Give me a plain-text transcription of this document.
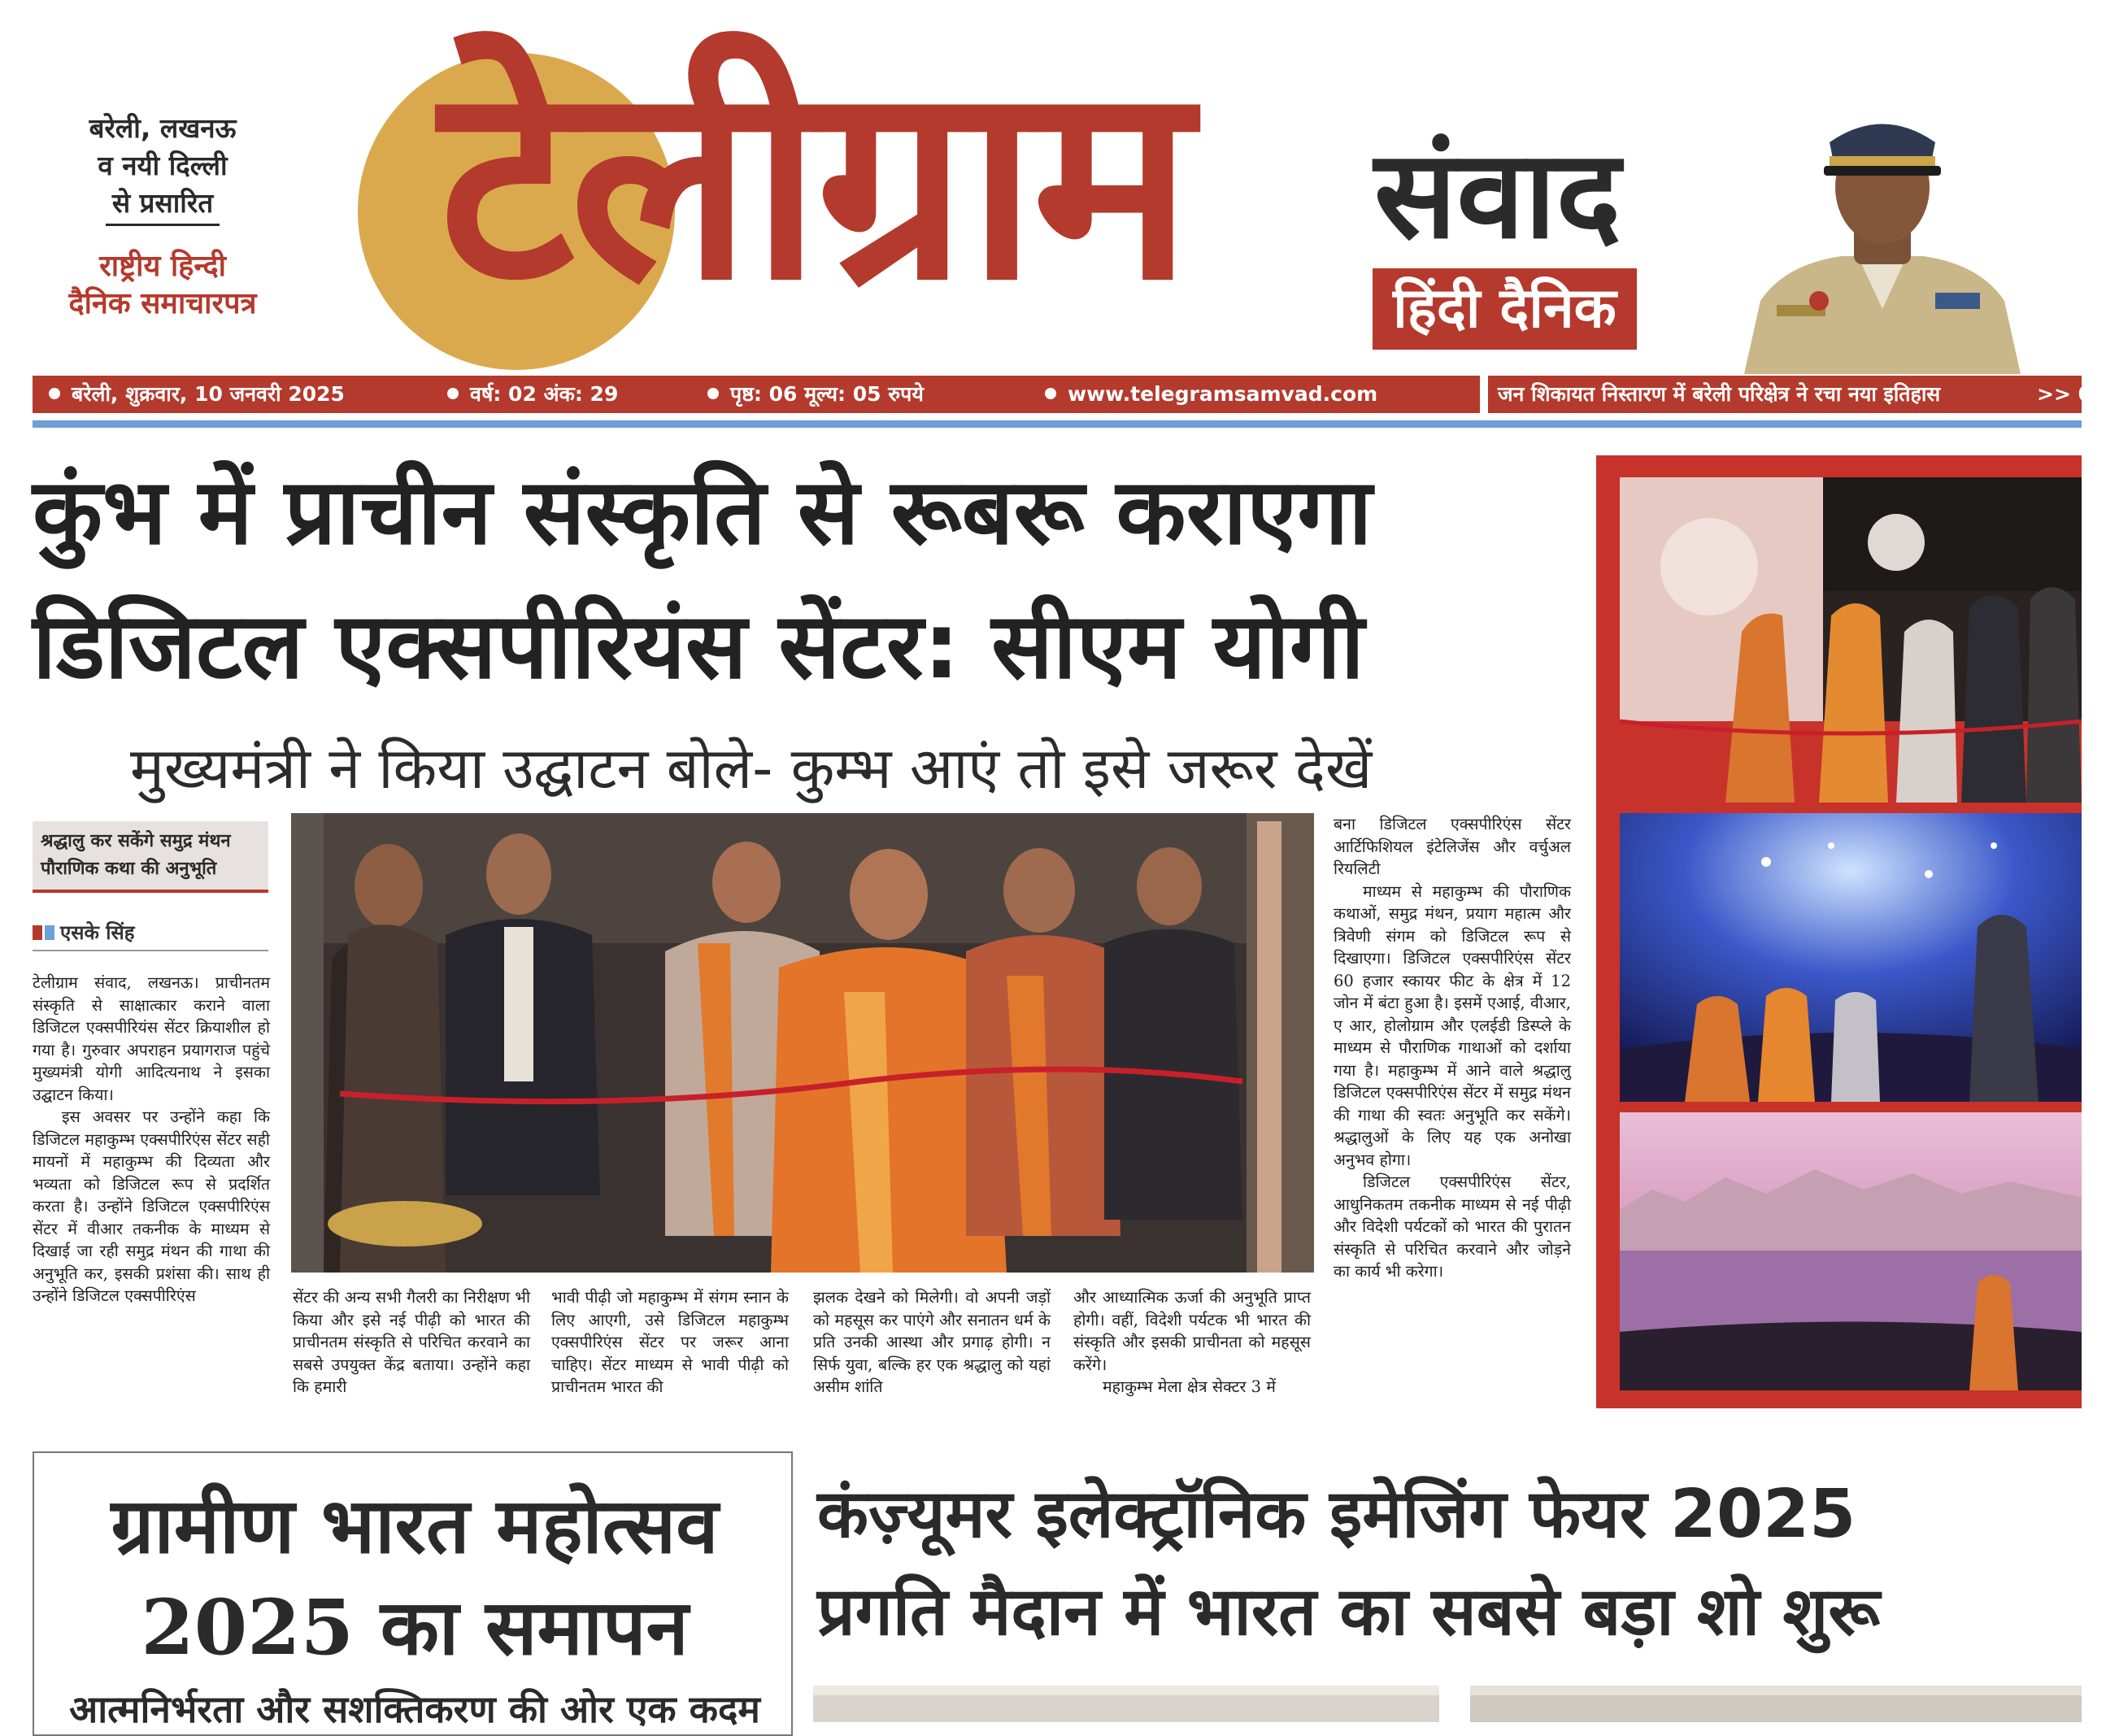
टेलीग्राम संवाद
हिंदी दैनिक
बरेली, लखनऊ
व नयी दिल्ली
से प्रसारित
राष्ट्रीय हिन्दी
दैनिक समाचारपत्र
बरेली, शुक्रवार, 10 जनवरी 2025	वर्ष: 02 अंक: 29	पृष्ठ: 06 मूल्य: 05 रुपये	www.telegramsamvad.com	जन शिकायत निस्तारण में बरेली परिक्षेत्र ने रचा नया इतिहास	>> 04
कुंभ में प्राचीन संस्कृति से रूबरू कराएगा
डिजिटल एक्सपीरियंस सेंटर: सीएम योगी
मुख्यमंत्री ने किया उद्घाटन बोले- कुम्भ आएं तो इसे जरूर देखें
श्रद्धालु कर सकेंगे समुद्र मंथन
पौराणिक कथा की अनुभूति
एसके सिंह

टेलीग्राम संवाद, लखनऊ। प्राचीनतम संस्कृति से साक्षात्कार कराने वाला डिजिटल एक्सपीरियंस सेंटर क्रियाशील हो गया है। गुरुवार अपराहन प्रयागराज पहुंचे मुख्यमंत्री योगी आदित्यनाथ ने इसका उद्घाटन किया।

इस अवसर पर उन्होंने कहा कि डिजिटल महाकुम्भ एक्सपीरिएंस सेंटर सही मायनों में महाकुम्भ की दिव्यता और भव्यता को डिजिटल रूप से प्रदर्शित करता है। उन्होंने डिजिटल एक्सपीरिएंस सेंटर में वीआर तकनीक के माध्यम से दिखाई जा रही समुद्र मंथन की गाथा की अनुभूति कर, इसकी प्रशंसा की। साथ ही उन्होंने डिजिटल एक्सपीरिएंस	सेंटर की अन्य सभी गैलरी का निरीक्षण भी किया और इसे नई पीढ़ी को भारत की प्राचीनतम संस्कृति से परिचित करवाने का सबसे उपयुक्त केंद्र बताया। उन्होंने कहा कि हमारी

भावी पीढ़ी जो महाकुम्भ में संगम स्नान के लिए आएगी, उसे डिजिटल महाकुम्भ एक्सपीरिएंस सेंटर पर जरूर आना चाहिए। सेंटर माध्यम से भावी पीढ़ी को प्राचीनतम भारत की

झलक देखने को मिलेगी। वो अपनी जड़ों को महसूस कर पाएंगे और सनातन धर्म के प्रति उनकी आस्था और प्रगाढ़ होगी। न सिर्फ युवा, बल्कि हर एक श्रद्धालु को यहां असीम शांति

और आध्यात्मिक ऊर्जा की अनुभूति प्राप्त होगी। वहीं, विदेशी पर्यटक भी भारत की संस्कृति और इसकी प्राचीनता को महसूस करेंगे।

महाकुम्भ मेला क्षेत्र सेक्टर 3 में

बना डिजिटल एक्सपीरिएंस सेंटर आर्टिफिशियल इंटेलिजेंस और वर्चुअल रियलिटी

माध्यम से महाकुम्भ की पौराणिक कथाओं, समुद्र मंथन, प्रयाग महात्म और त्रिवेणी संगम को डिजिटल रूप से दिखाएगा। डिजिटल एक्सपीरिएंस सेंटर 60 हजार स्कायर फीट के क्षेत्र में 12 जोन में बंटा हुआ है। इसमें एआई, वीआर, ए आर, होलोग्राम और एलईडी डिस्प्ले के माध्यम से पौराणिक गाथाओं को दर्शाया गया है। महाकुम्भ में आने वाले श्रद्धालु डिजिटल एक्सपीरिएंस सेंटर में समुद्र मंथन की गाथा की स्वतः अनुभूति कर सकेंगे। श्रद्धालुओं के लिए यह एक अनोखा अनुभव होगा।

डिजिटल एक्सपीरिएंस सेंटर, आधुनिकतम तकनीक माध्यम से नई पीढ़ी और विदेशी पर्यटकों को भारत की पुरातन संस्कृति से परिचित करवाने और जोड़ने का कार्य भी करेगा।

ग्रामीण भारत महोत्सव
2025 का समापन
आत्मनिर्भरता और सशक्तिकरण की ओर एक कदम
कंज़्यूमर इलेक्ट्रॉनिक इमेजिंग फेयर 2025
प्रगति मैदान में भारत का सबसे बड़ा शो शुरू
